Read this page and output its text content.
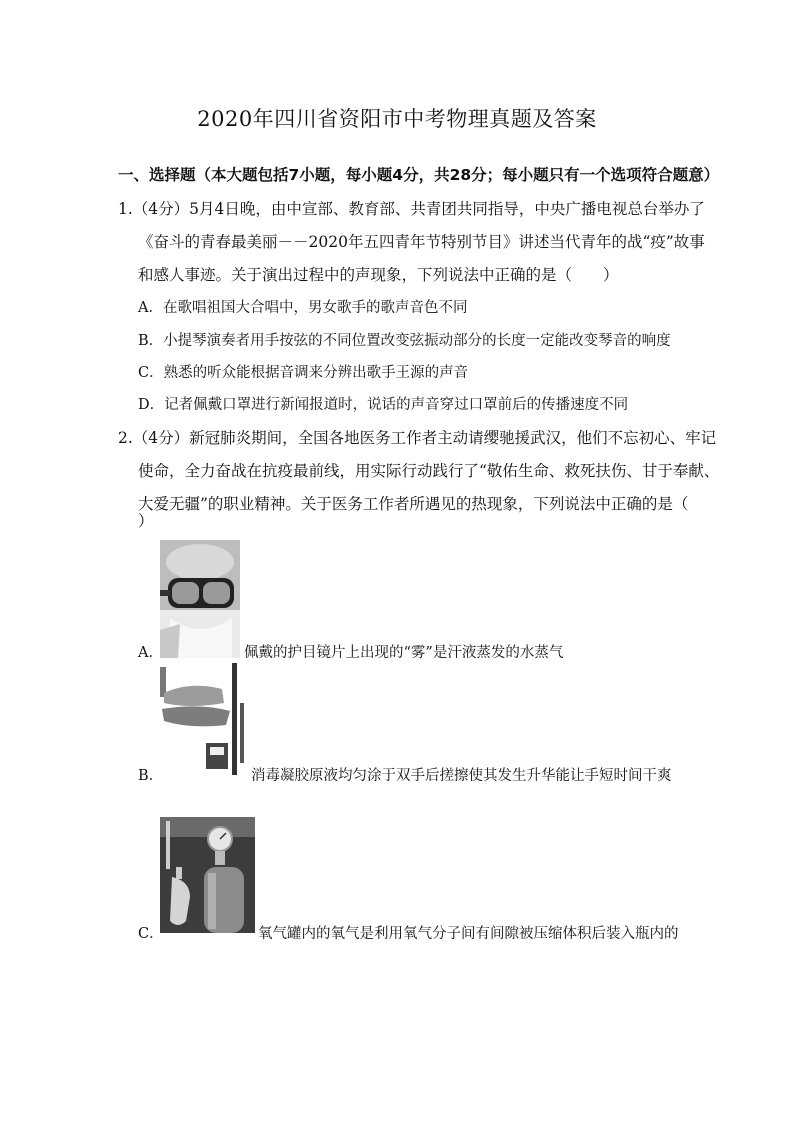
2020年四川省资阳市中考物理真题及答案
一、选择题（本大题包括7小题，每小题4分，共28分；每小题只有一个选项符合题意）
1.（4分）5月4日晚，由中宣部、教育部、共青团共同指导，中央广播电视总台举办了
《奋斗的青春最美丽－－2020年五四青年节特别节目》讲述当代青年的战“疫”故事
和感人事迹。关于演出过程中的声现象，下列说法中正确的是（　　）
A．在歌唱祖国大合唱中，男女歌手的歌声音色不同
B．小提琴演奏者用手按弦的不同位置改变弦振动部分的长度一定能改变琴音的响度
C．熟悉的听众能根据音调来分辨出歌手王源的声音
D．记者佩戴口罩进行新闻报道时，说话的声音穿过口罩前后的传播速度不同
2.（4分）新冠肺炎期间，全国各地医务工作者主动请缨驰援武汉，他们不忘初心、牢记
使命，全力奋战在抗疫最前线，用实际行动践行了“敬佑生命、救死扶伤、甘于奉献、
大爱无疆”的职业精神。关于医务工作者所遇见的热现象，下列说法中正确的是（
）
A．	佩戴的护目镜片上出现的“雾”是汗液蒸发的水蒸气
B．	消毒凝胶原液均匀涂于双手后搓擦使其发生升华能让手短时间干爽
C．	氧气罐内的氧气是利用氧气分子间有间隙被压缩体积后装入瓶内的
